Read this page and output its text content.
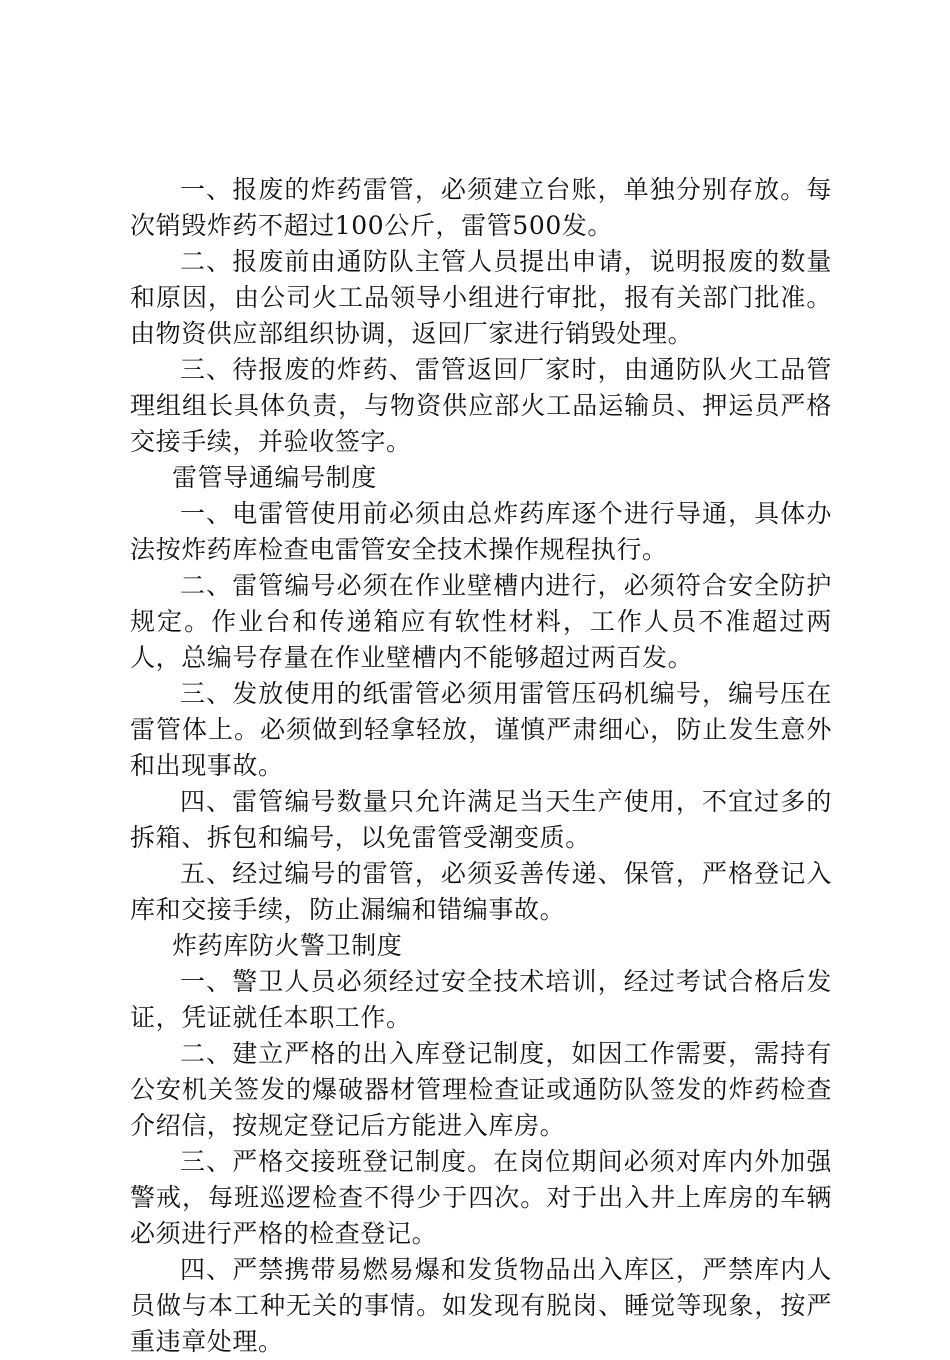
一、报废的炸药雷管，必须建立台账，单独分别存放。每次销毁炸药不超过100公斤，雷管500发。

二、报废前由通防队主管人员提出申请，说明报废的数量和原因，由公司火工品领导小组进行审批，报有关部门批准。由物资供应部组织协调，返回厂家进行销毁处理。

三、待报废的炸药、雷管返回厂家时，由通防队火工品管理组组长具体负责，与物资供应部火工品运输员、押运员严格交接手续，并验收签字。

雷管导通编号制度

一、电雷管使用前必须由总炸药库逐个进行导通，具体办法按炸药库检查电雷管安全技术操作规程执行。

二、雷管编号必须在作业壁槽内进行，必须符合安全防护规定。作业台和传递箱应有软性材料，工作人员不准超过两人，总编号存量在作业壁槽内不能够超过两百发。

三、发放使用的纸雷管必须用雷管压码机编号，编号压在雷管体上。必须做到轻拿轻放，谨慎严肃细心，防止发生意外和出现事故。

四、雷管编号数量只允许满足当天生产使用，不宜过多的拆箱、拆包和编号，以免雷管受潮变质。

五、经过编号的雷管，必须妥善传递、保管，严格登记入库和交接手续，防止漏编和错编事故。

炸药库防火警卫制度

一、警卫人员必须经过安全技术培训，经过考试合格后发证，凭证就任本职工作。

二、建立严格的出入库登记制度，如因工作需要，需持有公安机关签发的爆破器材管理检查证或通防队签发的炸药检查介绍信，按规定登记后方能进入库房。

三、严格交接班登记制度。在岗位期间必须对库内外加强警戒，每班巡逻检查不得少于四次。对于出入井上库房的车辆必须进行严格的检查登记。

四、严禁携带易燃易爆和发货物品出入库区，严禁库内人员做与本工种无关的事情。如发现有脱岗、睡觉等现象，按严重违章处理。
